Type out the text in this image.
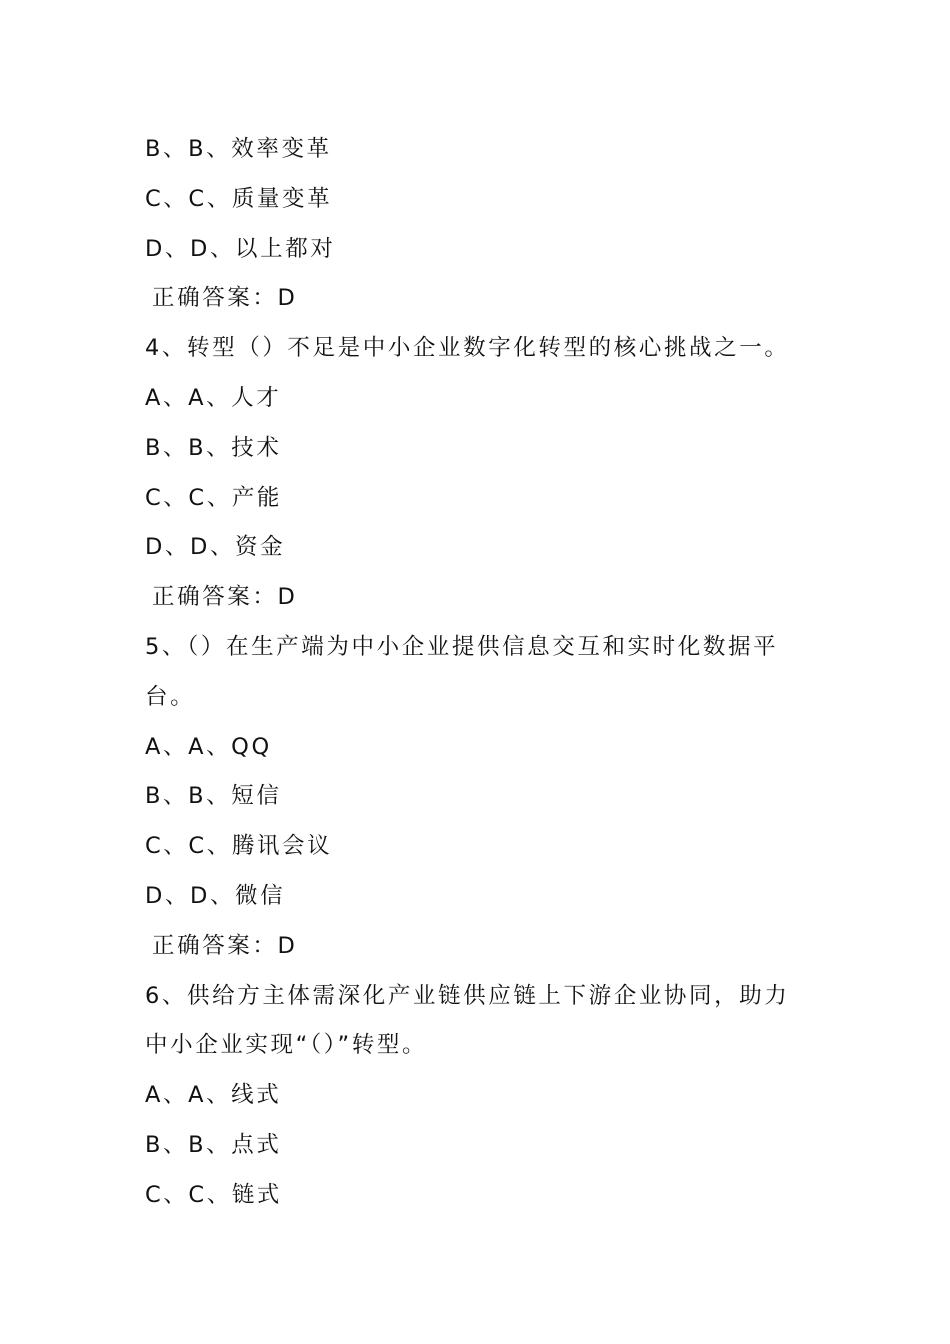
B、B、效率变革
C、C、质量变革
D、D、以上都对
正确答案：D
4、转型（）不足是中小企业数字化转型的核心挑战之一。
A、A、人才
B、B、技术
C、C、产能
D、D、资金
正确答案：D
5、（）在生产端为中小企业提供信息交互和实时化数据平
台。
A、A、QQ
B、B、短信
C、C、腾讯会议
D、D、微信
正确答案：D
6、供给方主体需深化产业链供应链上下游企业协同，助力
中小企业实现“（）”转型。
A、A、线式
B、B、点式
C、C、链式
